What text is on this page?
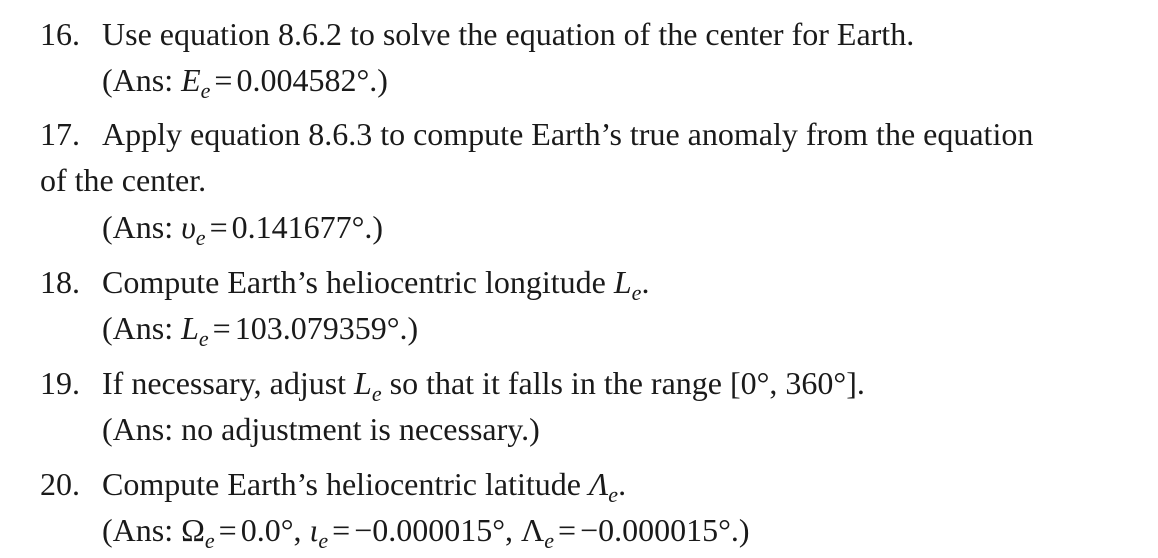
16. Use equation 8.6.2 to solve the equation of the center for Earth.
(Ans: $E_e = 0.004582^\circ$.)
17. Apply equation 8.6.3 to compute Earth’s true anomaly from the equation
of the center.
(Ans: $\upsilon_e = 0.141677^\circ$.)
18. Compute Earth’s heliocentric longitude $L_e$.
(Ans: $L_e = 103.079359^\circ$.)
19. If necessary, adjust $L_e$ so that it falls in the range [0°, 360°].
(Ans: no adjustment is necessary.)
20. Compute Earth’s heliocentric latitude $\Lambda_e$.
(Ans: $\Omega_e = 0.0^\circ$, $\iota_e = -0.000015^\circ$, $\Lambda_e = -0.000015^\circ$.)
